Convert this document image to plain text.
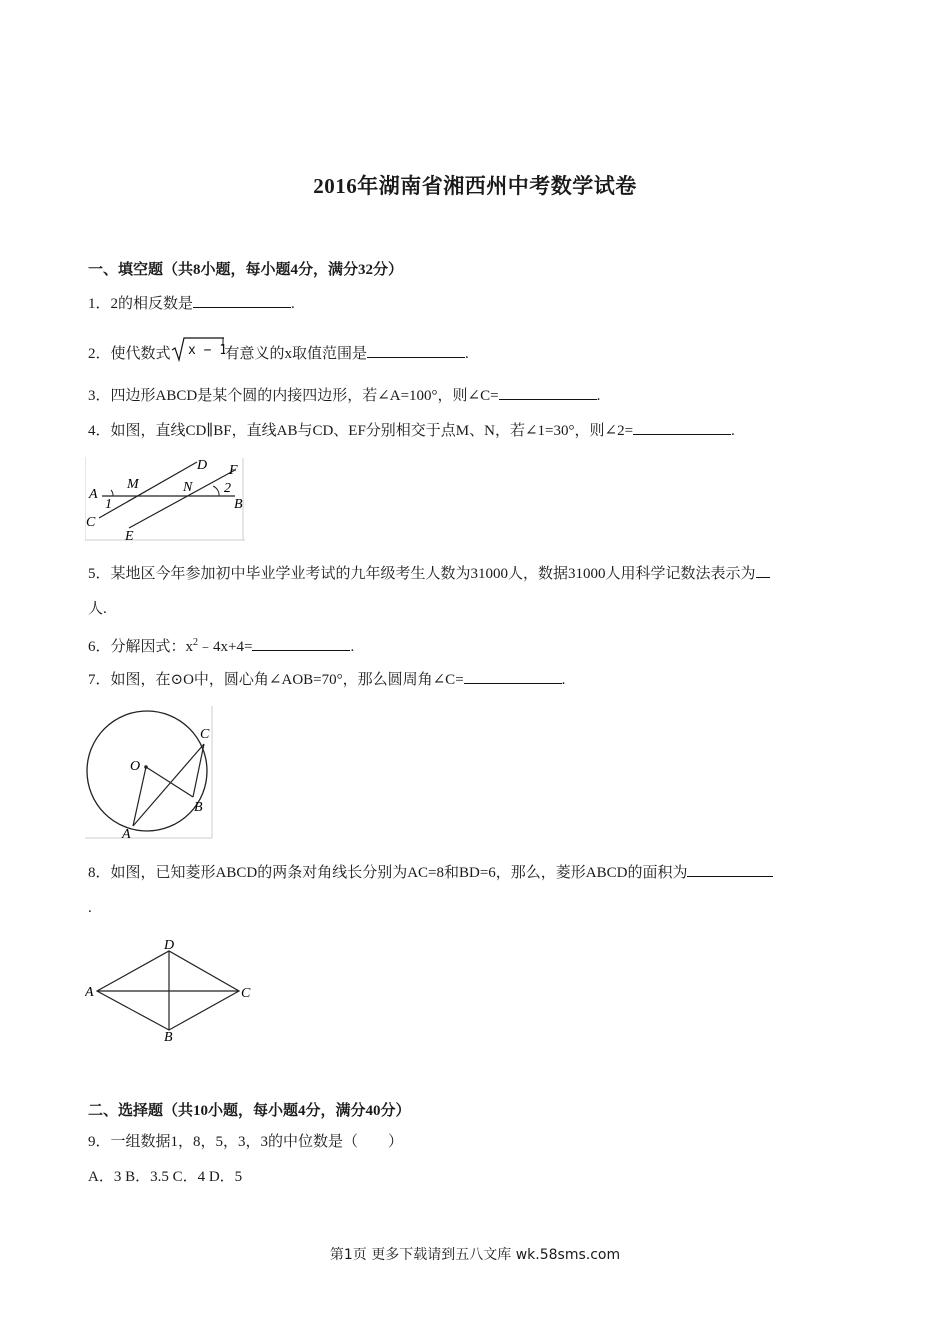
2016年湖南省湘西州中考数学试卷
一、填空题（共8小题，每小题4分，满分32分）
1．2的相反数是	.
2．使代数式 x − 1
有意义的x取值范围是	.
3．四边形ABCD是某个圆的内接四边形，若∠A=100°，则∠C=	.
4．如图，直线CD∥BF，直线AB与CD、EF分别相交于点M、N，若∠1=30°，则∠2=	.
A
M	N
D F
2
1	B
C
E
5．某地区今年参加初中毕业学业考试的九年级考生人数为31000人，数据31000人用科学记数法表示为
人.
6．分解因式：$x^2﹣4x+4=$	.
7．如图，在⊙O中，圆心角∠AOB=70°，那么圆周角∠C=	.
O
C
B
A
8．如图，已知菱形ABCD的两条对角线长分别为AC=8和BD=6，那么，菱形ABCD的面积为
.
D
A	C
B
二、选择题（共10小题，每小题4分，满分40分）
9．一组数据1，8，5，3，3的中位数是（　　）
A．3 B．3.5 C．4 D．5
第1页 更多下载请到五八文库 wk.58sms.com
